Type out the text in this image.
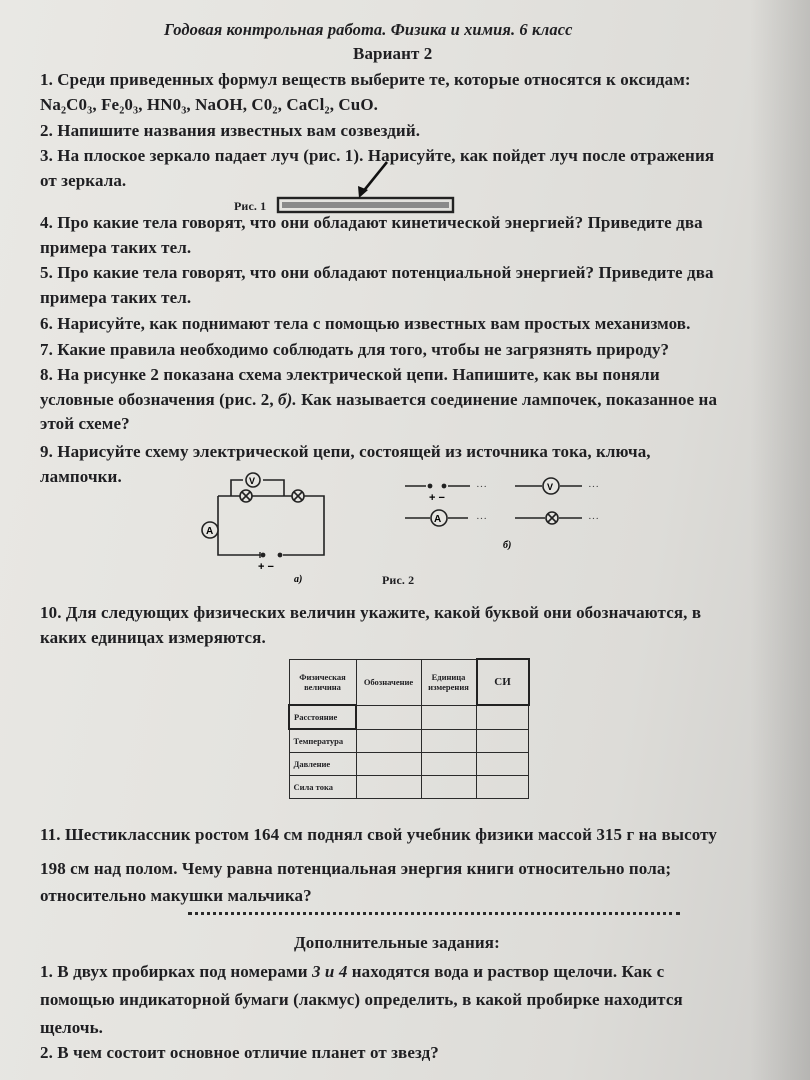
Годовая контрольная работа. Физика и химия. 6 класс
Вариант 2
1. Среди приведенных формул веществ выберите те, которые относятся к оксидам:
Na₂C0₃, Fe₂0₃, HN0₃, NaOH, C0₂, CaCl₂, CuO.
2. Напишите названия известных вам созвездий.
3. На плоское зеркало падает луч (рис. 1). Нарисуйте, как пойдет луч после отражения
от зеркала.
Рис. 1
4. Про какие тела говорят, что они обладают кинетической энергией? Приведите два
примера таких тел.
5. Про какие тела говорят, что они обладают потенциальной энергией? Приведите два
примера таких тел.
6. Нарисуйте, как поднимают тела с помощью известных вам простых механизмов.
7. Какие правила необходимо соблюдать для того, чтобы не загрязнять природу?
8. На рисунке 2 показана схема электрической цепи. Напишите, как вы поняли
условные обозначения (рис. 2, б). Как называется соединение лампочек, показанное на
этой схеме?
9. Нарисуйте схему электрической цепи, состоящей из источника тока, ключа,
лампочки.	V
A
+ −
а)
···
···
···
···
A
V
+ −
б)
Рис. 2
10. Для следующих физических величин укажите, какой буквой они обозначаются, в
каких единицах измеряются.
Физическая величина	Обозначение	Единица измерения	СИ
Расстояние			
Температура			
Давление			
Сила тока			
11. Шестиклассник ростом 164 см поднял свой учебник физики массой 315 г на высоту
198 см над полом. Чему равна потенциальная энергия книги относительно пола;
относительно макушки мальчика?
Дополнительные задания:
1. В двух пробирках под номерами 3 и 4 находятся вода и раствор щелочи. Как с
помощью индикаторной бумаги (лакмус) определить, в какой пробирке находится
щелочь.
2. В чем состоит основное отличие планет от звезд?
